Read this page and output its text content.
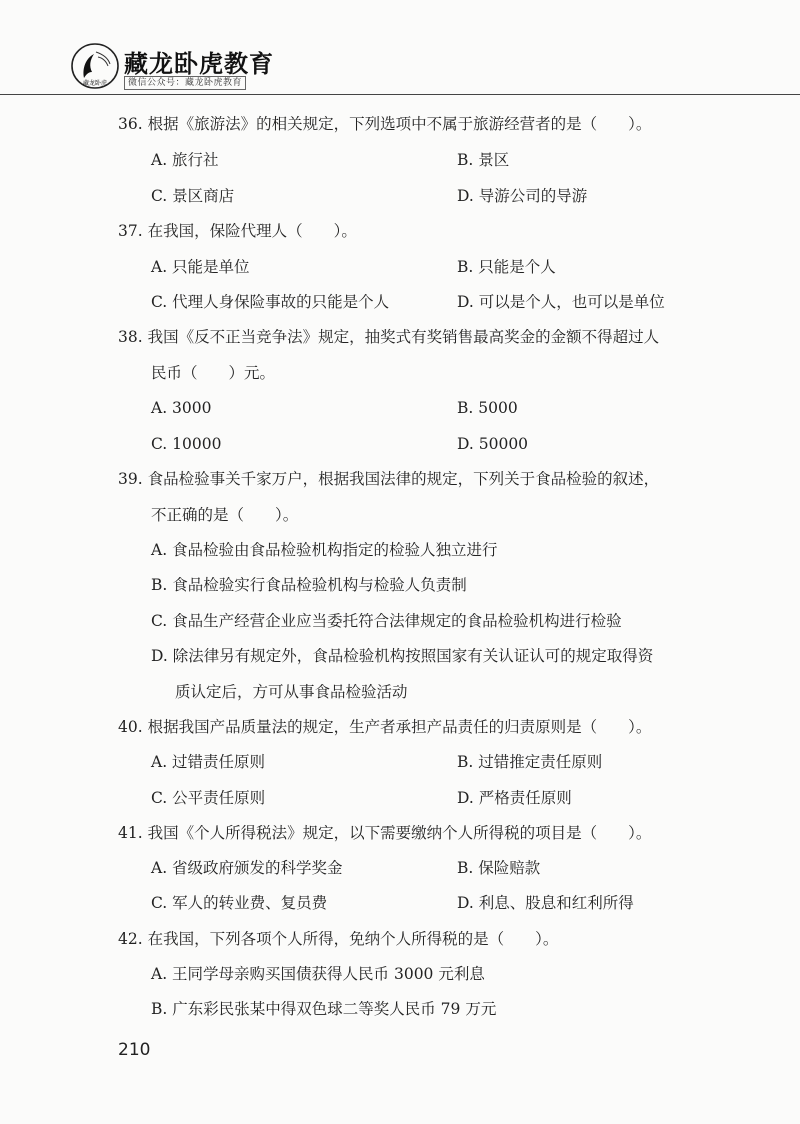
藏龙卧虎
藏龙卧虎教育
微信公众号：藏龙卧虎教育
36. 根据《旅游法》的相关规定，下列选项中不属于旅游经营者的是（　　）。
A. 旅行社	B. 景区
C. 景区商店	D. 导游公司的导游
37. 在我国，保险代理人（　　）。
A. 只能是单位	B. 只能是个人
C. 代理人身保险事故的只能是个人	D. 可以是个人，也可以是单位
38. 我国《反不正当竞争法》规定，抽奖式有奖销售最高奖金的金额不得超过人
民币（　　）元。
A. 3000	B. 5000
C. 10000	D. 50000
39. 食品检验事关千家万户，根据我国法律的规定，下列关于食品检验的叙述，
不正确的是（　　）。
A. 食品检验由食品检验机构指定的检验人独立进行
B. 食品检验实行食品检验机构与检验人负责制
C. 食品生产经营企业应当委托符合法律规定的食品检验机构进行检验
D. 除法律另有规定外，食品检验机构按照国家有关认证认可的规定取得资
质认定后，方可从事食品检验活动
40. 根据我国产品质量法的规定，生产者承担产品责任的归责原则是（　　）。
A. 过错责任原则	B. 过错推定责任原则
C. 公平责任原则	D. 严格责任原则
41. 我国《个人所得税法》规定，以下需要缴纳个人所得税的项目是（　　）。
A. 省级政府颁发的科学奖金	B. 保险赔款
C. 军人的转业费、复员费	D. 利息、股息和红利所得
42. 在我国，下列各项个人所得，免纳个人所得税的是（　　）。
A. 王同学母亲购买国债获得人民币 3000 元利息
B. 广东彩民张某中得双色球二等奖人民币 79 万元
210
